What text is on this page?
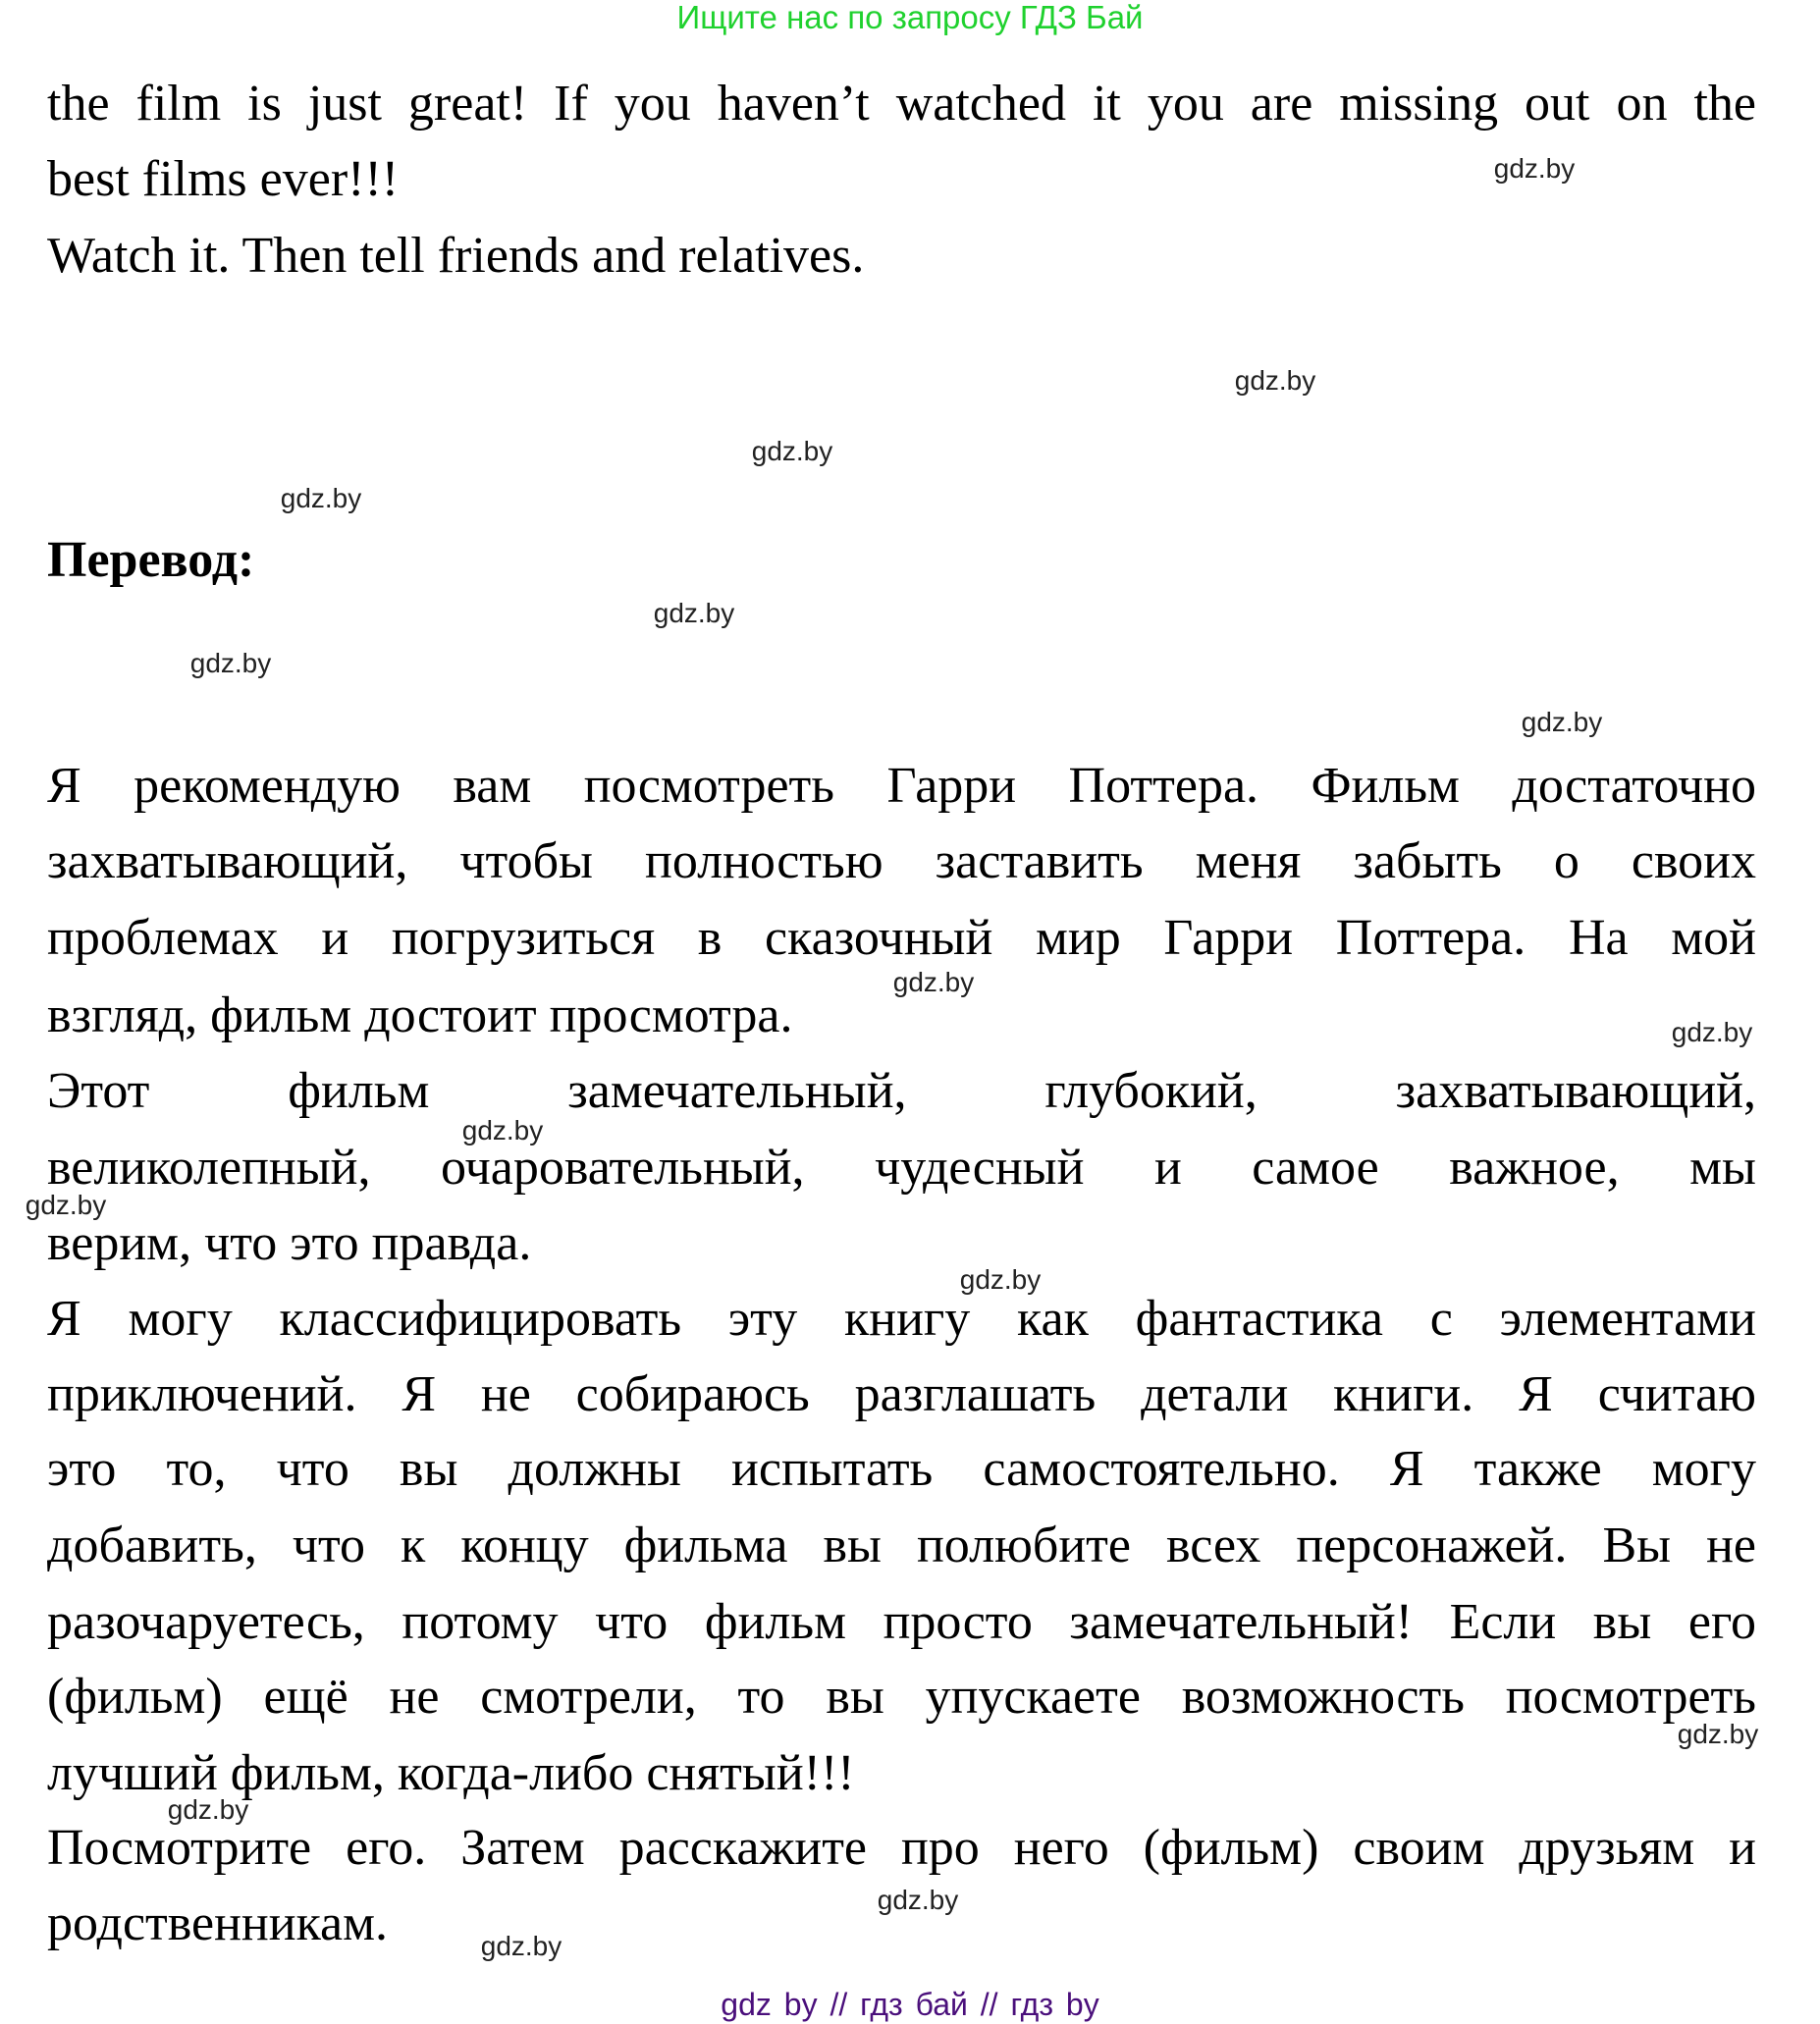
Ищите нас по запросу ГДЗ Бай
the film is just great! If you haven’t watched it you are missing out on the
best films ever!!!
Watch it. Then tell friends and relatives.
Перевод:
Я рекомендую вам посмотреть Гарри Поттера. Фильм достаточно
захватывающий, чтобы полностью заставить меня забыть о своих
проблемах и погрузиться в сказочный мир Гарри Поттера. На мой
взгляд, фильм достоит просмотра.
Этот фильм замечательный, глубокий, захватывающий,
великолепный, очаровательный, чудесный и самое важное, мы
верим, что это правда.
Я могу классифицировать эту книгу как фантастика с элементами
приключений. Я не собираюсь разглашать детали книги. Я считаю
это то, что вы должны испытать самостоятельно. Я также могу
добавить, что к концу фильма вы полюбите всех персонажей. Вы не
разочаруетесь, потому что фильм просто замечательный! Если вы его
(фильм) ещё не смотрели, то вы упускаете возможность посмотреть
лучший фильм, когда-либо снятый!!!
Посмотрите его. Затем расскажите про него (фильм) своим друзьям и
родственникам.
gdz.by
gdz.by
gdz.by
gdz.by
gdz.by
gdz.by
gdz.by
gdz.by
gdz.by
gdz.by
gdz.by
gdz.by
gdz.by
gdz.by
gdz.by
gdz.by
gdz by // гдз бай // гдз by
